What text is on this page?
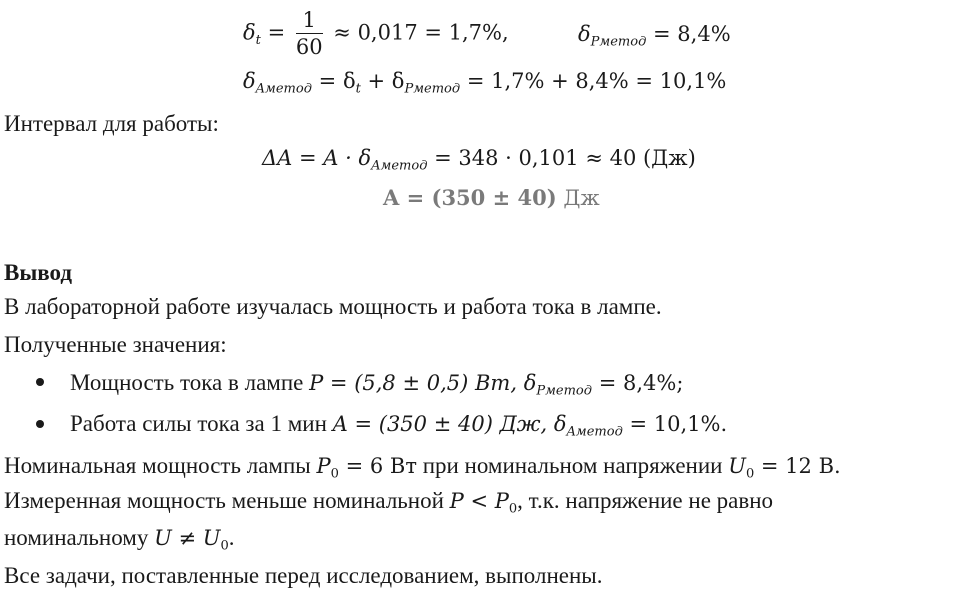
$\delta_t = \frac{1}{60} \approx 0,017 = 1,7\%$,	$\delta_{Pметод} = 8,4\%$
$\delta_{Aметод} = \delta_t + \delta_{Pметод} = 1,7\% + 8,4\% = 10,1\%$
Интервал для работы:
$\Delta A = A \cdot \delta_{Aметод} = 348 \cdot 0,101 \approx 40$ (Дж)
A = (350 ± 40) Дж
Вывод
В лабораторной работе изучалась мощность и работа тока в лампе.
Полученные значения:
Мощность тока в лампе P = (5,8 ± 0,5) Вт, $\delta_{Pметод} = 8,4\%$;
Работа силы тока за 1 мин A = (350 ± 40) Дж, $\delta_{Aметод} = 10,1\%$.
Номинальная мощность лампы $P_0 = 6$ Вт при номинальном напряжении $U_0 = 12$ В.
Измеренная мощность меньше номинальной $P < P_0$, т.к. напряжение не равно
номинальному $U \ne U_0$.
Все задачи, поставленные перед исследованием, выполнены.
